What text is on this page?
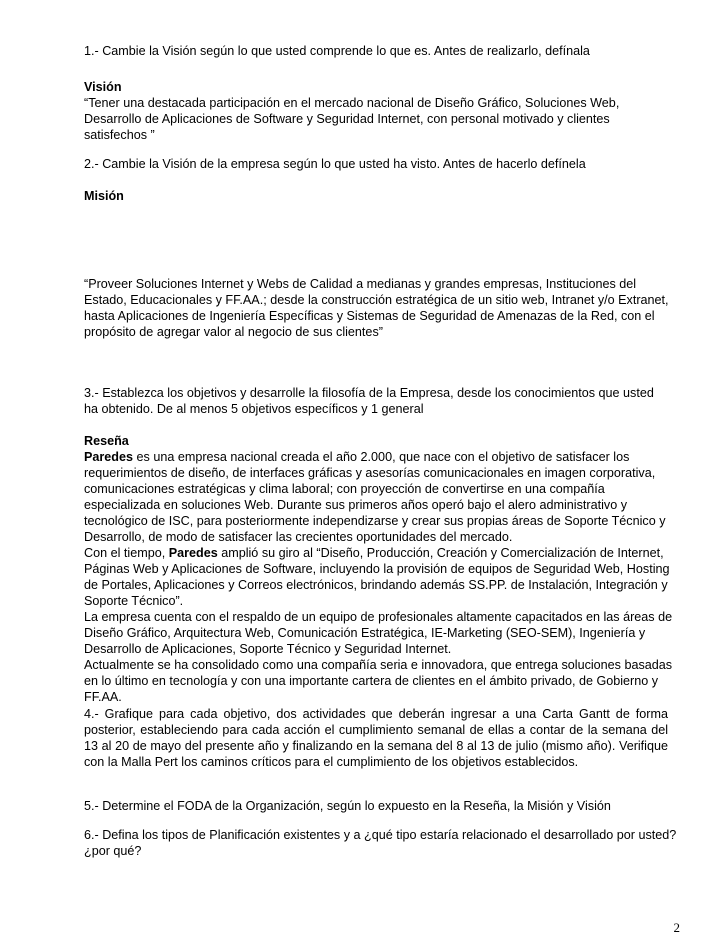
1.- Cambie la Visión según lo que usted comprende lo que es. Antes de realizarlo, defínala
Visión
“Tener una destacada participación en el mercado nacional de Diseño Gráfico, Soluciones Web, Desarrollo de Aplicaciones de Software y Seguridad Internet, con personal motivado y clientes satisfechos ”
2.- Cambie la Visión de la empresa según lo que usted ha visto. Antes de hacerlo defínela
Misión
“Proveer Soluciones Internet y Webs de Calidad a medianas y grandes empresas, Instituciones del Estado, Educacionales y FF.AA.; desde la construcción estratégica de un sitio web, Intranet y/o Extranet, hasta Aplicaciones de Ingeniería Específicas y Sistemas de Seguridad de Amenazas de la Red, con el propósito de agregar valor al negocio de sus clientes”
3.- Establezca los objetivos y desarrolle la filosofía de la Empresa, desde los conocimientos que usted ha obtenido. De al menos 5 objetivos específicos y 1 general
Reseña

Paredes es una empresa nacional creada el año 2.000, que nace con el objetivo de satisfacer los requerimientos de diseño, de interfaces gráficas y asesorías comunicacionales en imagen corporativa, comunicaciones estratégicas y clima laboral; con proyección de convertirse en una compañía especializada en soluciones Web. Durante sus primeros años operó bajo el alero administrativo y tecnológico de ISC, para posteriormente independizarse y crear sus propias áreas de Soporte Técnico y Desarrollo, de modo de satisfacer las crecientes oportunidades del mercado.

Con el tiempo, Paredes amplió su giro al “Diseño, Producción, Creación y Comercialización de Internet, Páginas Web y Aplicaciones de Software, incluyendo la provisión de equipos de Seguridad Web, Hosting de Portales, Aplicaciones y Correos electrónicos, brindando además SS.PP. de Instalación, Integración y Soporte Técnico”.

La empresa cuenta con el respaldo de un equipo de profesionales altamente capacitados en las áreas de Diseño Gráfico, Arquitectura Web, Comunicación Estratégica, IE-Marketing (SEO-SEM), Ingeniería y Desarrollo de Aplicaciones, Soporte Técnico y Seguridad Internet.

Actualmente se ha consolidado como una compañía seria e innovadora, que entrega soluciones basadas en lo último en tecnología y con una importante cartera de clientes en el ámbito privado, de Gobierno y FF.AA.

4.- Grafique para cada objetivo, dos actividades que deberán ingresar a una Carta Gantt de forma posterior, estableciendo para cada acción el cumplimiento semanal de ellas a contar de la semana del 13 al 20 de mayo del presente año y finalizando en la semana del 8 al 13 de julio (mismo año). Verifique con la Malla Pert los caminos críticos para el cumplimiento de los objetivos establecidos.
5.- Determine el FODA de la Organización, según lo expuesto en la Reseña, la Misión y Visión
6.- Defina los tipos de Planificación existentes y a ¿qué tipo estaría relacionado el desarrollado por usted?¿por qué?
2
